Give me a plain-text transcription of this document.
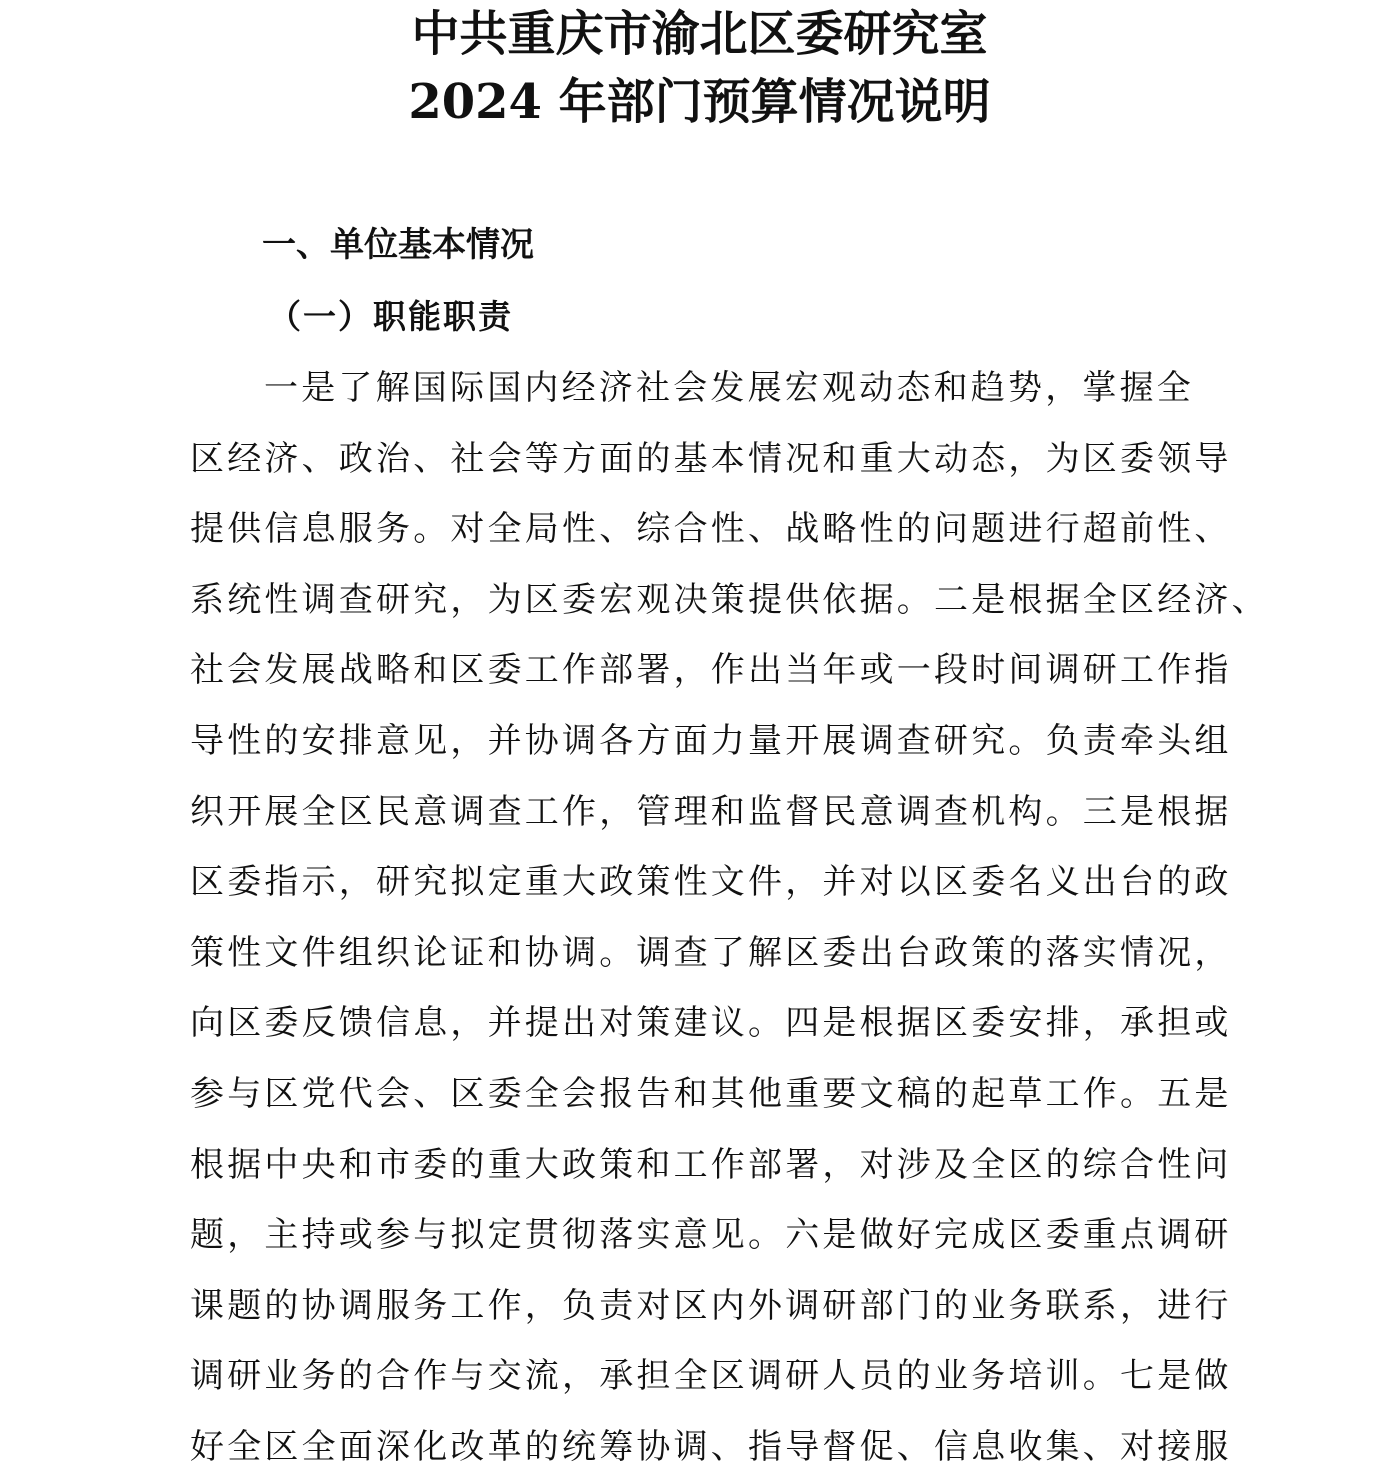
中共重庆市渝北区委研究室
2024 年部门预算情况说明
一、单位基本情况
（一）职能职责
一是了解国际国内经济社会发展宏观动态和趋势，掌握全
区经济、政治、社会等方面的基本情况和重大动态，为区委领导
提供信息服务。对全局性、综合性、战略性的问题进行超前性、
系统性调查研究，为区委宏观决策提供依据。二是根据全区经济、
社会发展战略和区委工作部署，作出当年或一段时间调研工作指
导性的安排意见，并协调各方面力量开展调查研究。负责牵头组
织开展全区民意调查工作，管理和监督民意调查机构。三是根据
区委指示，研究拟定重大政策性文件，并对以区委名义出台的政
策性文件组织论证和协调。调查了解区委出台政策的落实情况，
向区委反馈信息，并提出对策建议。四是根据区委安排，承担或
参与区党代会、区委全会报告和其他重要文稿的起草工作。五是
根据中央和市委的重大政策和工作部署，对涉及全区的综合性问
题，主持或参与拟定贯彻落实意见。六是做好完成区委重点调研
课题的协调服务工作，负责对区内外调研部门的业务联系，进行
调研业务的合作与交流，承担全区调研人员的业务培训。七是做
好全区全面深化改革的统筹协调、指导督促、信息收集、对接服
